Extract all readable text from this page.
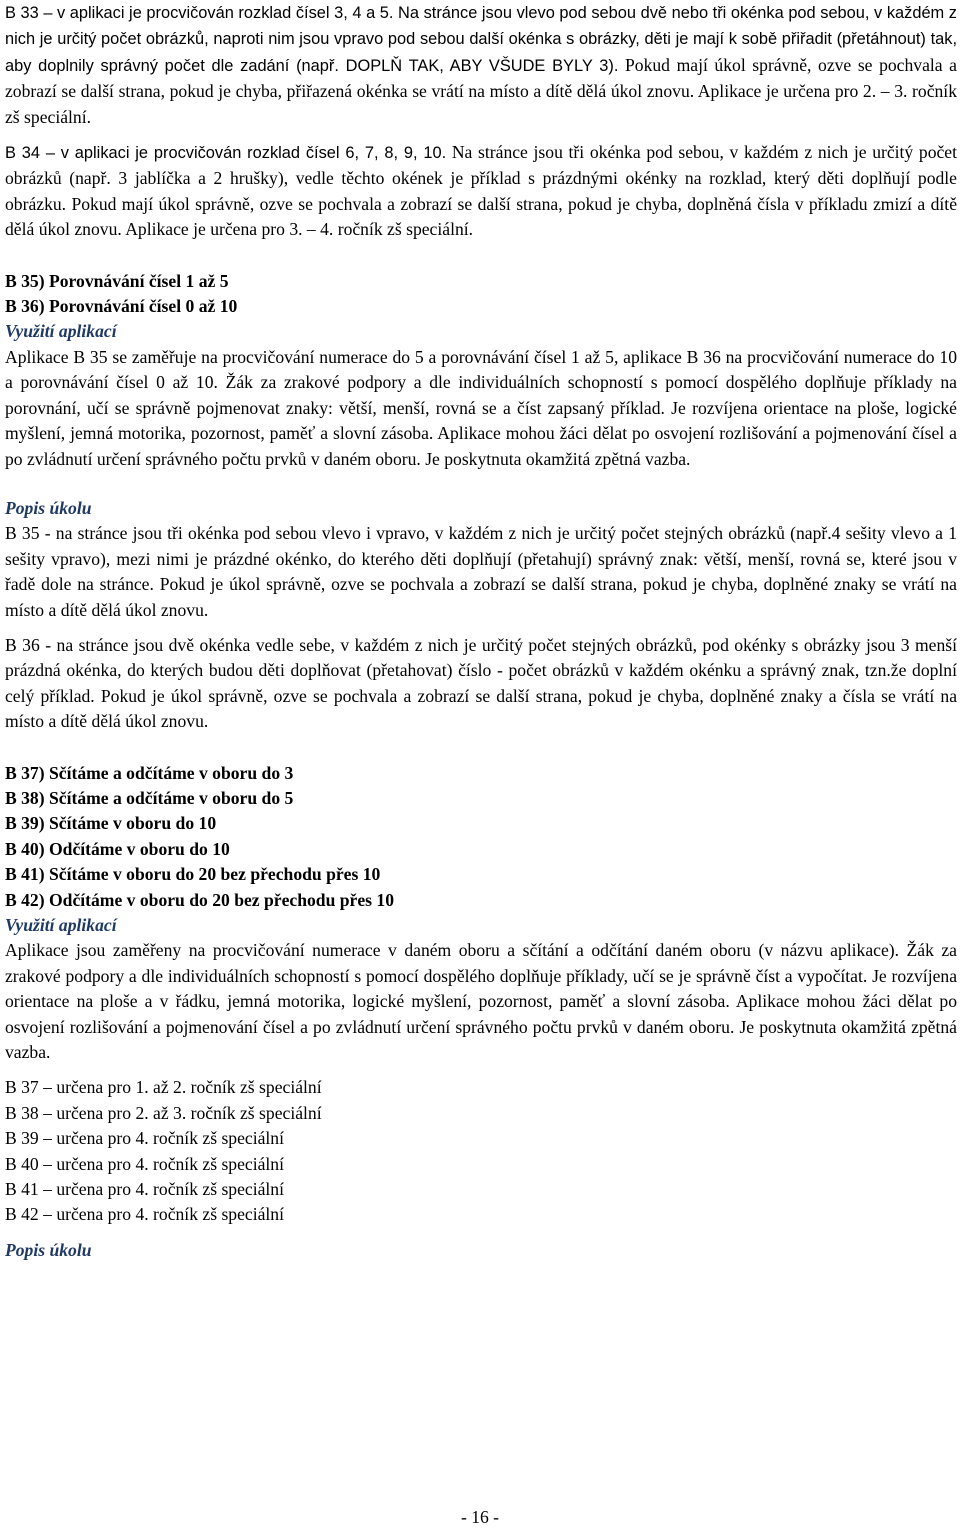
B 33 – v aplikaci je procvičován rozklad čísel 3, 4 a 5. Na stránce jsou vlevo pod sebou dvě nebo tři okénka pod sebou, v každém z nich je určitý počet obrázků, naproti nim jsou vpravo pod sebou další okénka s obrázky, děti je mají k sobě přiřadit (přetáhnout) tak, aby doplnily správný počet dle zadání (např. DOPLŇ TAK, ABY VŠUDE BYLY 3). Pokud mají úkol správně, ozve se pochvala a zobrazí se další strana, pokud je chyba, přiřazená okénka se vrátí na místo a dítě dělá úkol znovu. Aplikace je určena pro 2. – 3. ročník zš speciální.

B 34 – v aplikaci je procvičován rozklad čísel 6, 7, 8, 9, 10. Na stránce jsou tři okénka pod sebou, v každém z nich je určitý počet obrázků (např. 3 jablíčka a 2 hrušky), vedle těchto okének je příklad s prázdnými okénky na rozklad, který děti doplňují podle obrázku. Pokud mají úkol správně, ozve se pochvala a zobrazí se další strana, pokud je chyba, doplněná čísla v příkladu zmizí a dítě dělá úkol znovu. Aplikace je určena pro 3. – 4. ročník zš speciální.

B 35) Porovnávání čísel 1 až 5
B 36) Porovnávání čísel 0 až 10
Využití aplikací

Aplikace B 35 se zaměřuje na procvičování numerace do 5 a porovnávání čísel 1 až 5, aplikace B 36 na procvičování numerace do 10 a porovnávání čísel 0 až 10. Žák za zrakové podpory a dle individuálních schopností s pomocí dospělého doplňuje příklady na porovnání, učí se správně pojmenovat znaky: větší, menší, rovná se a číst zapsaný příklad. Je rozvíjena orientace na ploše, logické myšlení, jemná motorika, pozornost, paměť a slovní zásoba. Aplikace mohou žáci dělat po osvojení rozlišování a pojmenování čísel a po zvládnutí určení správného počtu prvků v daném oboru. Je poskytnuta okamžitá zpětná vazba.

Popis úkolu

B 35 - na stránce jsou tři okénka pod sebou vlevo i vpravo, v každém z nich je určitý počet stejných obrázků (např.4 sešity vlevo a 1 sešity vpravo), mezi nimi je prázdné okénko, do kterého děti doplňují (přetahují) správný znak: větší, menší, rovná se, které jsou v řadě dole na stránce. Pokud je úkol správně, ozve se pochvala a zobrazí se další strana, pokud je chyba, doplněné znaky se vrátí na místo a dítě dělá úkol znovu.

B 36 - na stránce jsou dvě okénka vedle sebe, v každém z nich je určitý počet stejných obrázků, pod okénky s obrázky jsou 3 menší prázdná okénka, do kterých budou děti doplňovat (přetahovat) číslo - počet obrázků v každém okénku a správný znak, tzn.že doplní celý příklad. Pokud je úkol správně, ozve se pochvala a zobrazí se další strana, pokud je chyba, doplněné znaky a čísla se vrátí na místo a dítě dělá úkol znovu.

B 37) Sčítáme a odčítáme v oboru do 3
B 38) Sčítáme a odčítáme v oboru do 5
B 39) Sčítáme v oboru do 10
B 40) Odčítáme v oboru do 10
B 41) Sčítáme v oboru do 20 bez přechodu přes 10
B 42) Odčítáme v oboru do 20 bez přechodu přes 10
Využití aplikací

Aplikace jsou zaměřeny na procvičování numerace v daném oboru a sčítání a odčítání daném oboru (v názvu aplikace). Žák za zrakové podpory a dle individuálních schopností s pomocí dospělého doplňuje příklady, učí se je správně číst a vypočítat. Je rozvíjena orientace na ploše a v řádku, jemná motorika, logické myšlení, pozornost, paměť a slovní zásoba. Aplikace mohou žáci dělat po osvojení rozlišování a pojmenování čísel a po zvládnutí určení správného počtu prvků v daném oboru. Je poskytnuta okamžitá zpětná vazba.

B 37 – určena pro 1. až 2. ročník zš speciální
B 38 – určena pro 2. až 3. ročník zš speciální
B 39 – určena pro 4. ročník zš speciální
B 40 – určena pro 4. ročník zš speciální
B 41 – určena pro 4. ročník zš speciální
B 42 – určena pro 4. ročník zš speciální
Popis úkolu
- 16 -
